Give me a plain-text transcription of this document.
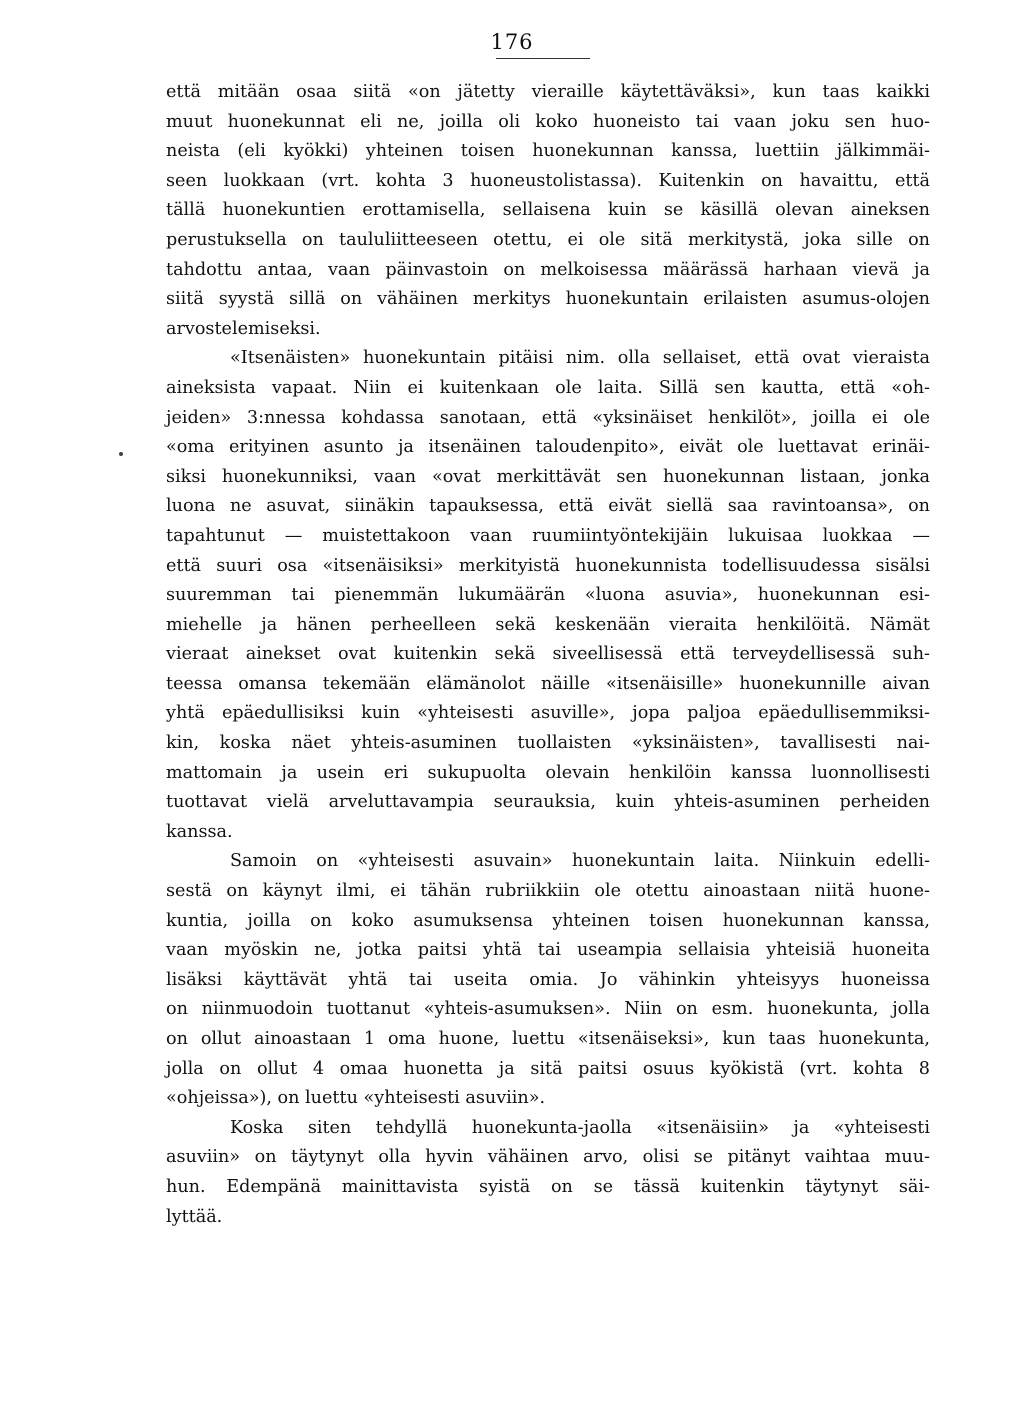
176
että mitään osaa siitä «on jätetty vieraille käytettäväksi», kun taas kaikki
muut huonekunnat eli ne, joilla oli koko huoneisto tai vaan joku sen huo-
neista (eli kyökki) yhteinen toisen huonekunnan kanssa, luettiin jälkimmäi-
seen luokkaan (vrt. kohta 3 huoneustolistassa). Kuitenkin on havaittu, että
tällä huonekuntien erottamisella, sellaisena kuin se käsillä olevan aineksen
perustuksella on taululiitteeseen otettu, ei ole sitä merkitystä, joka sille on
tahdottu antaa, vaan päinvastoin on melkoisessa määrässä harhaan vievä ja
siitä syystä sillä on vähäinen merkitys huonekuntain erilaisten asumus-olojen
arvostelemiseksi.
«Itsenäisten» huonekuntain pitäisi nim. olla sellaiset, että ovat vieraista
aineksista vapaat. Niin ei kuitenkaan ole laita. Sillä sen kautta, että «oh-
jeiden» 3:nnessa kohdassa sanotaan, että «yksinäiset henkilöt», joilla ei ole
«oma erityinen asunto ja itsenäinen taloudenpito», eivät ole luettavat erinäi-
siksi huonekunniksi, vaan «ovat merkittävät sen huonekunnan listaan, jonka
luona ne asuvat, siinäkin tapauksessa, että eivät siellä saa ravintoansa», on
tapahtunut — muistettakoon vaan ruumiintyöntekijäin lukuisaa luokkaa —
että suuri osa «itsenäisiksi» merkityistä huonekunnista todellisuudessa sisälsi
suuremman tai pienemmän lukumäärän «luona asuvia», huonekunnan esi-
miehelle ja hänen perheelleen sekä keskenään vieraita henkilöitä. Nämät
vieraat ainekset ovat kuitenkin sekä siveellisessä että terveydellisessä suh-
teessa omansa tekemään elämänolot näille «itsenäisille» huonekunnille aivan
yhtä epäedullisiksi kuin «yhteisesti asuville», jopa paljoa epäedullisemmiksi-
kin, koska näet yhteis-asuminen tuollaisten «yksinäisten», tavallisesti nai-
mattomain ja usein eri sukupuolta olevain henkilöin kanssa luonnollisesti
tuottavat vielä arveluttavampia seurauksia, kuin yhteis-asuminen perheiden
kanssa.
Samoin on «yhteisesti asuvain» huonekuntain laita. Niinkuin edelli-
sestä on käynyt ilmi, ei tähän rubriikkiin ole otettu ainoastaan niitä huone-
kuntia, joilla on koko asumuksensa yhteinen toisen huonekunnan kanssa,
vaan myöskin ne, jotka paitsi yhtä tai useampia sellaisia yhteisiä huoneita
lisäksi käyttävät yhtä tai useita omia. Jo vähinkin yhteisyys huoneissa
on niinmuodoin tuottanut «yhteis-asumuksen». Niin on esm. huonekunta, jolla
on ollut ainoastaan 1 oma huone, luettu «itsenäiseksi», kun taas huonekunta,
jolla on ollut 4 omaa huonetta ja sitä paitsi osuus kyökistä (vrt. kohta 8
«ohjeissa»), on luettu «yhteisesti asuviin».
Koska siten tehdyllä huonekunta-jaolla «itsenäisiin» ja «yhteisesti
asuviin» on täytynyt olla hyvin vähäinen arvo, olisi se pitänyt vaihtaa muu-
hun. Edempänä mainittavista syistä on se tässä kuitenkin täytynyt säi-
lyttää.
